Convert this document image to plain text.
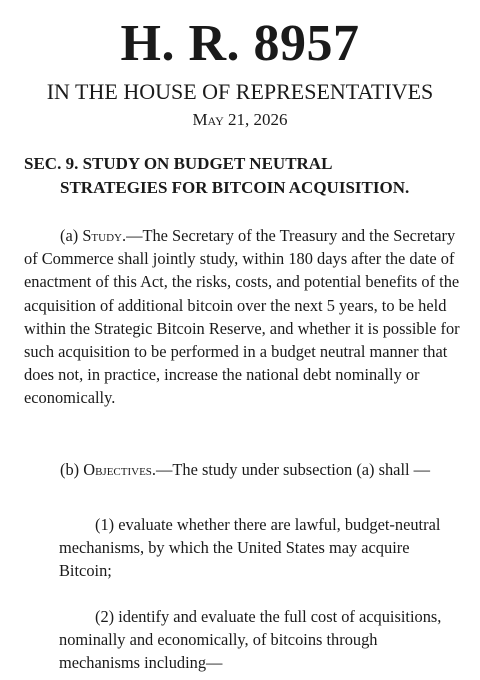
H. R. 8957
IN THE HOUSE OF REPRESENTATIVES
May 21, 2026
SEC. 9. STUDY ON BUDGET NEUTRAL
STRATEGIES FOR BITCOIN ACQUISITION.

(a) Study.—The Secretary of the Treasury and the Secretary of Commerce shall jointly study, within 180 days after the date of enactment of this Act, the risks, costs, and potential benefits of the acquisition of additional bitcoin over the next 5 years, to be held within the Strategic Bitcoin Reserve, and whether it is possible for such acquisition to be performed in a budget neutral manner that does not, in practice, increase the national debt nominally or economically.

(b) Objectives.—The study under subsection (a) shall —

(1) evaluate whether there are lawful, budget-neutral mechanisms, by which the United States may acquire Bitcoin;

(2) identify and evaluate the full cost of acquisitions, nominally and economically, of bitcoins through mechanisms including—
